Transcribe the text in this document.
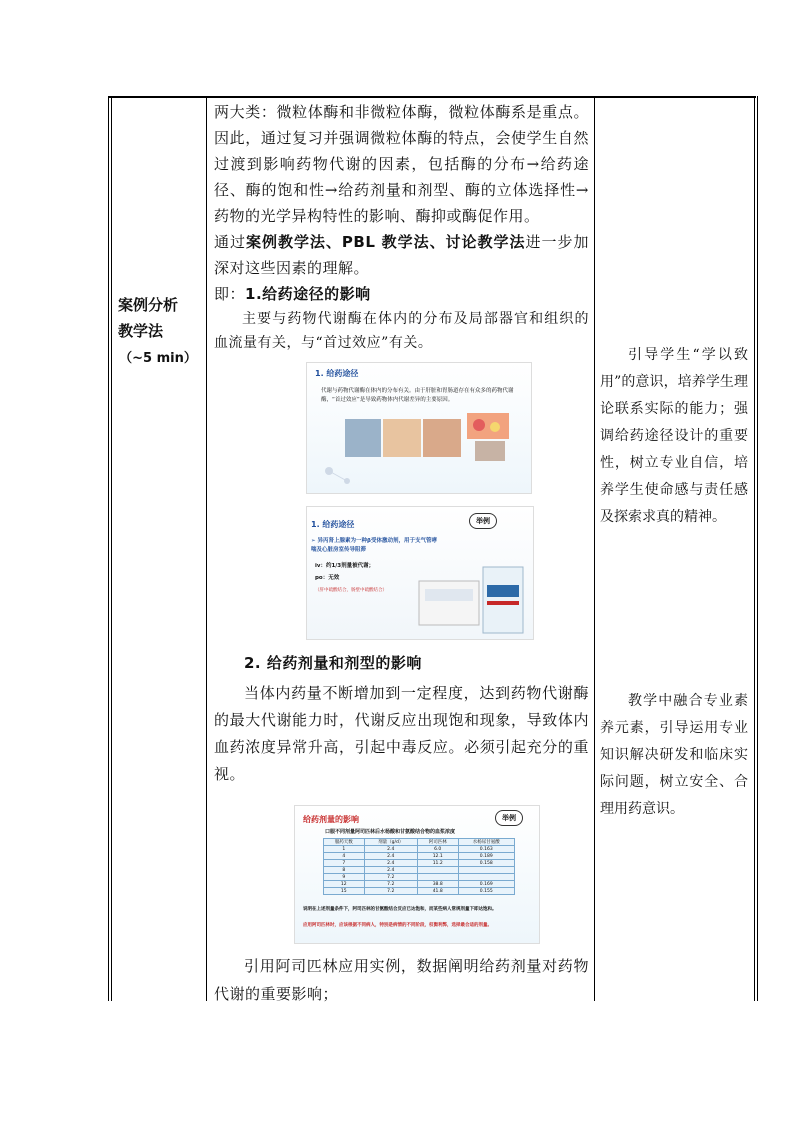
案例分析
教学法
（~5 min）

两大类：微粒体酶和非微粒体酶，微粒体酶系是重点。因此，通过复习并强调微粒体酶的特点，会使学生自然过渡到影响药物代谢的因素，包括酶的分布→给药途径、酶的饱和性→给药剂量和剂型、酶的立体选择性→药物的光学异构特性的影响、酶抑或酶促作用。

通过案例教学法、PBL 教学法、讨论教学法进一步加深对这些因素的理解。

即：1.给药途径的影响

主要与药物代谢酶在体内的分布及局部器官和组织的血流量有关，与“首过效应”有关。

1. 给药途径
代谢与药物代谢酶在体内的分布有关。由于肝脏和胃肠道存在有众多的药物代谢酶，“首过效应”是导致药物体内代谢差异的主要原因。
1. 给药途径	举例
➢ 异丙肾上腺素为一种β受体激动剂，用于支气管哮喘及心脏房室传导阻滞
iv：约1/3剂量被代谢；
po：无效
（肝中硫酸结合，肠壁中硫酸结合）

2. 给药剂量和剂型的影响

当体内药量不断增加到一定程度，达到药物代谢酶的最大代谢能力时，代谢反应出现饱和现象，导致体内血药浓度异常升高，引起中毒反应。必须引起充分的重视。

给药剂量的影响	举例
口服不同剂量阿司匹林后水杨酸和甘氨酸结合物的血浆浓度
服药天数	剂量（g/d）	阿司匹林	水杨尿甘氨酸
1	2.4	6.0	0.163
4	2.4	12.1	0.189
7	2.4	11.2	0.158
8	2.4		
9	7.2		
12	7.2	38.8	0.169
15	7.2	41.8	0.155
说明在上述剂量条件下，阿司匹林的甘氨酸结合反应已达饱和，而某些病人常规剂量下即达饱和。
应用阿司匹林时，应该根据不同病人，特别是病情的不同阶段，权衡利弊，选择最合适的剂量。

引用阿司匹林应用实例，数据阐明给药剂量对药物代谢的重要影响；

引导学生“学以致用”的意识，培养学生理论联系实际的能力；强调给药途径设计的重要性，树立专业自信，培养学生使命感与责任感及探索求真的精神。

教学中融合专业素养元素，引导运用专业知识解决研发和临床实际问题，树立安全、合理用药意识。
